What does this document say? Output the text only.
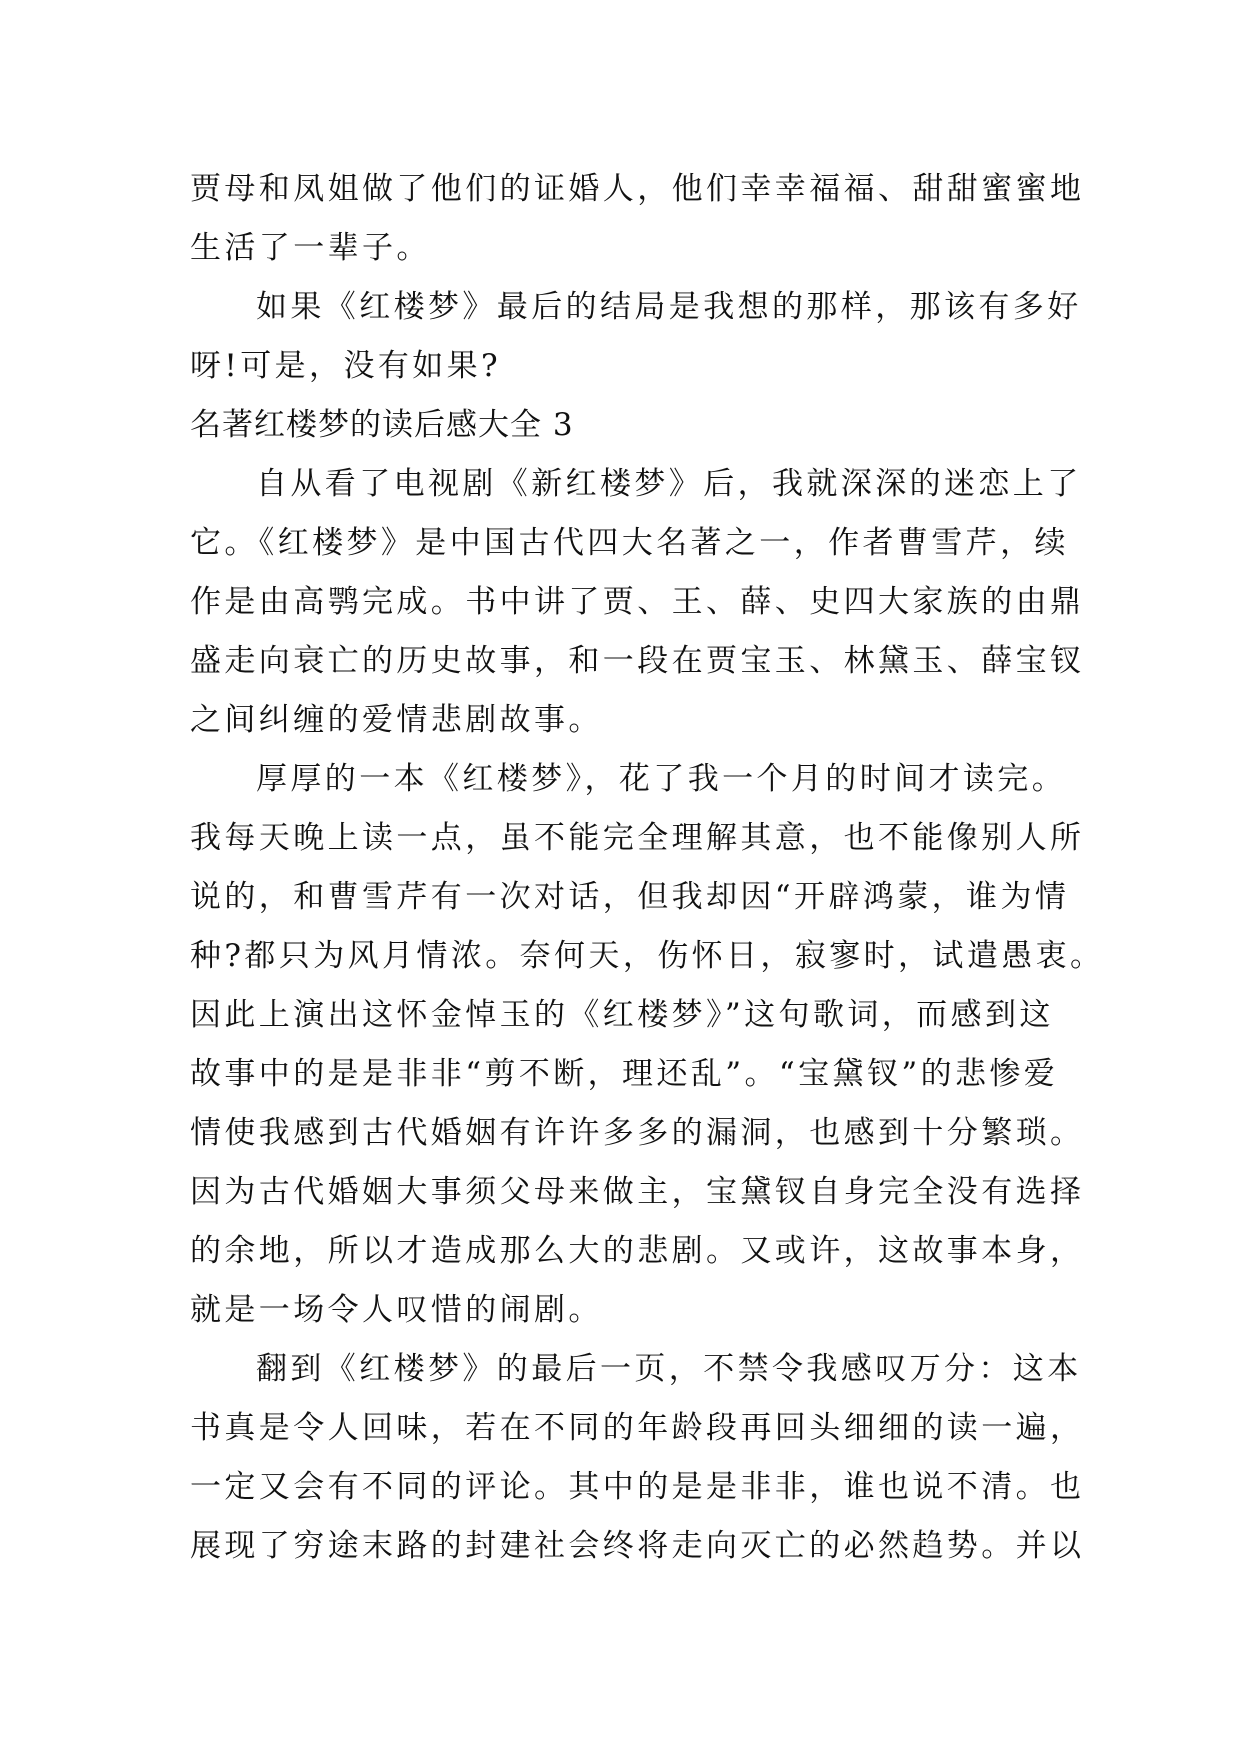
贾母和凤姐做了他们的证婚人，他们幸幸福福、甜甜蜜蜜地
生活了一辈子。
如果《红楼梦》最后的结局是我想的那样，那该有多好
呀!可是，没有如果?
名著红楼梦的读后感大全 3
自从看了电视剧《新红楼梦》后，我就深深的迷恋上了
它。《红楼梦》是中国古代四大名著之一，作者曹雪芹，续
作是由高鹗完成。书中讲了贾、王、薛、史四大家族的由鼎
盛走向衰亡的历史故事，和一段在贾宝玉、林黛玉、薛宝钗
之间纠缠的爱情悲剧故事。
厚厚的一本《红楼梦》，花了我一个月的时间才读完。
我每天晚上读一点，虽不能完全理解其意，也不能像别人所
说的，和曹雪芹有一次对话，但我却因“开辟鸿蒙，谁为情
种?都只为风月情浓。奈何天，伤怀日，寂寥时，试遣愚衷。
因此上演出这怀金悼玉的《红楼梦》”这句歌词，而感到这
故事中的是是非非“剪不断，理还乱”。“宝黛钗”的悲惨爱
情使我感到古代婚姻有许许多多的漏洞，也感到十分繁琐。
因为古代婚姻大事须父母来做主，宝黛钗自身完全没有选择
的余地，所以才造成那么大的悲剧。又或许，这故事本身，
就是一场令人叹惜的闹剧。
翻到《红楼梦》的最后一页，不禁令我感叹万分：这本
书真是令人回味，若在不同的年龄段再回头细细的读一遍，
一定又会有不同的评论。其中的是是非非，谁也说不清。也
展现了穷途末路的封建社会终将走向灭亡的必然趋势。并以
